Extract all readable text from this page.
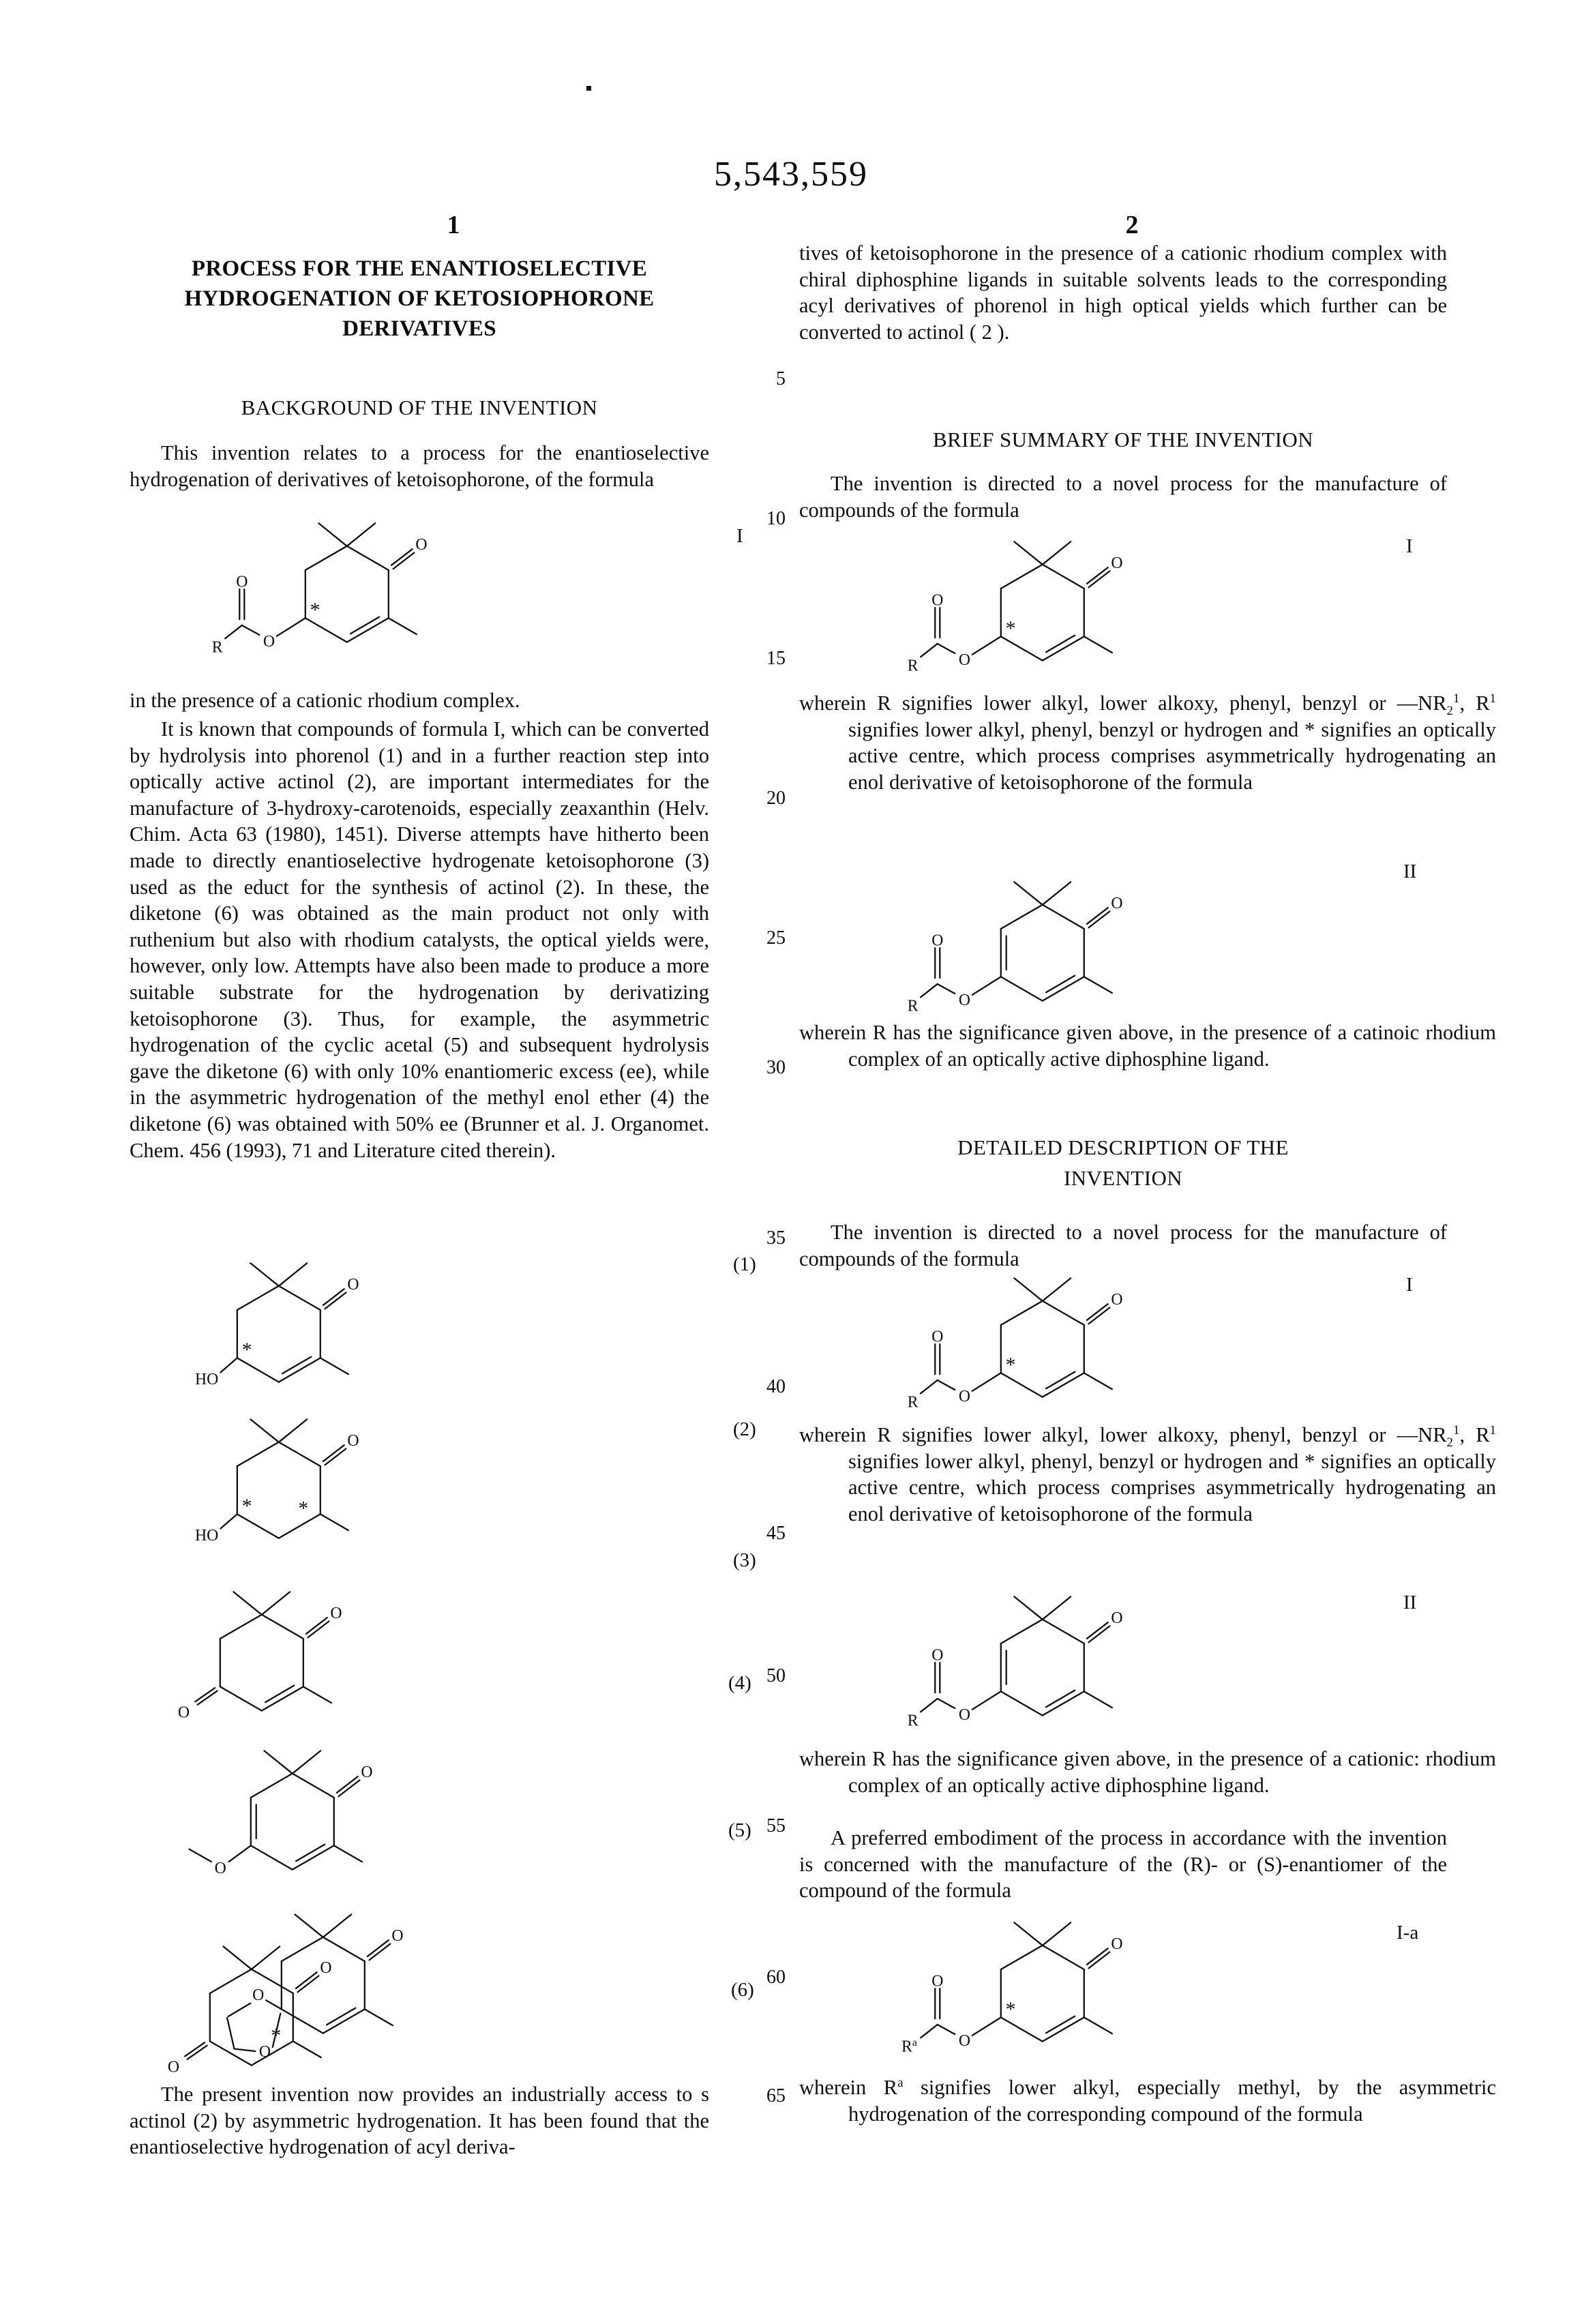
5,543,559
1	2
PROCESS FOR THE ENANTIOSELECTIVE
HYDROGENATION OF KETOSIOPHORONE
DERIVATIVES
BACKGROUND OF THE INVENTION
This invention relates to a process for the enantioselective hydrogenation of derivatives of ketoisophorone, of the formula
in the presence of a cationic rhodium complex.
It is known that compounds of formula I, which can be converted by hydrolysis into phorenol (1) and in a further reaction step into optically active actinol (2), are important intermediates for the manufacture of 3-hydroxy-carotenoids, especially zeaxanthin (Helv. Chim. Acta 63 (1980), 1451). Diverse attempts have hitherto been made to directly enantioselective hydrogenate ketoisophorone (3) used as the educt for the synthesis of actinol (2). In these, the diketone (6) was obtained as the main product not only with ruthenium but also with rhodium catalysts, the optical yields were, however, only low. Attempts have also been made to produce a more suitable substrate for the hydrogenation by derivatizing ketoisophorone (3). Thus, for example, the asymmetric hydrogenation of the cyclic acetal (5) and subsequent hydrolysis gave the diketone (6) with only 10% enantiomeric excess (ee), while in the asymmetric hydrogenation of the methyl enol ether (4) the diketone (6) was obtained with 50% ee (Brunner et al. J. Organomet. Chem. 456 (1993), 71 and Literature cited therein).
The present invention now provides an industrially access to s actinol (2) by asymmetric hydrogenation. It has been found that the enantioselective hydrogenation of acyl deriva-
tives of ketoisophorone in the presence of a cationic rhodium complex with chiral diphosphine ligands in suitable solvents leads to the corresponding acyl derivatives of phorenol in high optical yields which further can be converted to actinol ( 2 ).
BRIEF SUMMARY OF THE INVENTION
The invention is directed to a novel process for the manufacture of compounds of the formula
wherein R signifies lower alkyl, lower alkoxy, phenyl, benzyl or $—NR_2^1$, $R^1$ signifies lower alkyl, phenyl, benzyl or hydrogen and * signifies an optically active centre, which process comprises asymmetrically hydrogenating an enol derivative of ketoisophorone of the formula
wherein R has the significance given above, in the presence of a catinoic rhodium complex of an optically active diphosphine ligand.
DETAILED DESCRIPTION OF THE
INVENTION
The invention is directed to a novel process for the manufacture of compounds of the formula
wherein R signifies lower alkyl, lower alkoxy, phenyl, benzyl or $—NR_2^1$, $R^1$ signifies lower alkyl, phenyl, benzyl or hydrogen and * signifies an optically active centre, which process comprises asymmetrically hydrogenating an enol derivative of ketoisophorone of the formula
wherein R has the significance given above, in the presence of a cationic: rhodium complex of an optically active diphosphine ligand.
A preferred embodiment of the process in accordance with the invention is concerned with the manufacture of the (R)- or (S)-enantiomer of the compound of the formula
wherein $R^a$ signifies lower alkyl, especially methyl, by the asymmetric hydrogenation of the corresponding compound of the formula
5
10
15
20
25
30
35
40
45
50
55
60
65
O
O
O
R
*
I
O
HO
*
(1)
O
HO
* *
(2)
O
O
(3)
O
O
(4)
O
O
O
(5)
O
O
*
(6)
O
O
O
R
*
I
O
O
O
R
II
O
O
O
R
*
I
O
O
O
R
II
O
O
O
$R^a$
*
I-a
